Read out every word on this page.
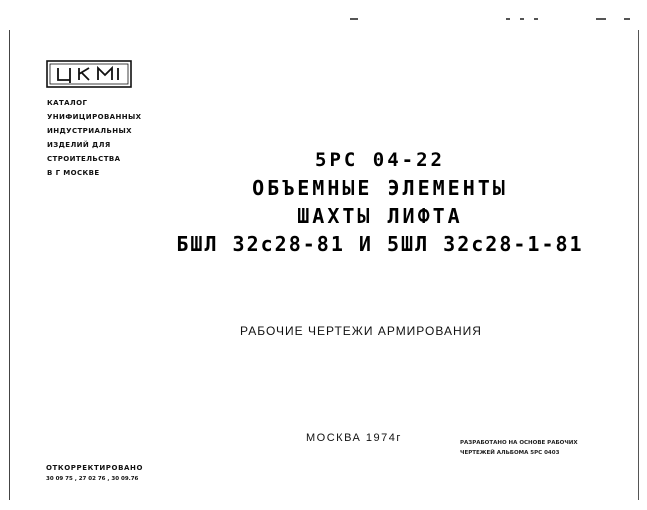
КАТАЛОГ
УНИФИЦИРОВАННЫХ
ИНДУСТРИАЛЬНЫХ
ИЗДЕЛИЙ ДЛЯ
СТРОИТЕЛЬСТВА
В Г МОСКВЕ
5РС 04-22
ОБЪЕМНЫЕ ЭЛЕМЕНТЫ
ШАХТЫ ЛИФТА
БШЛ 32с28-81 И 5ШЛ 32с28-1-81
РАБОЧИЕ ЧЕРТЕЖИ АРМИРОВАНИЯ
МОСКВА 1974г	РАЗРАБОТАНО НА ОСНОВЕ РАБОЧИХ
ЧЕРТЕЖЕЙ АЛЬБОМА 5РС 0403
ОТКОРРЕКТИРОВАНО
30 09 75 , 27 02 76 , 30 09.76
